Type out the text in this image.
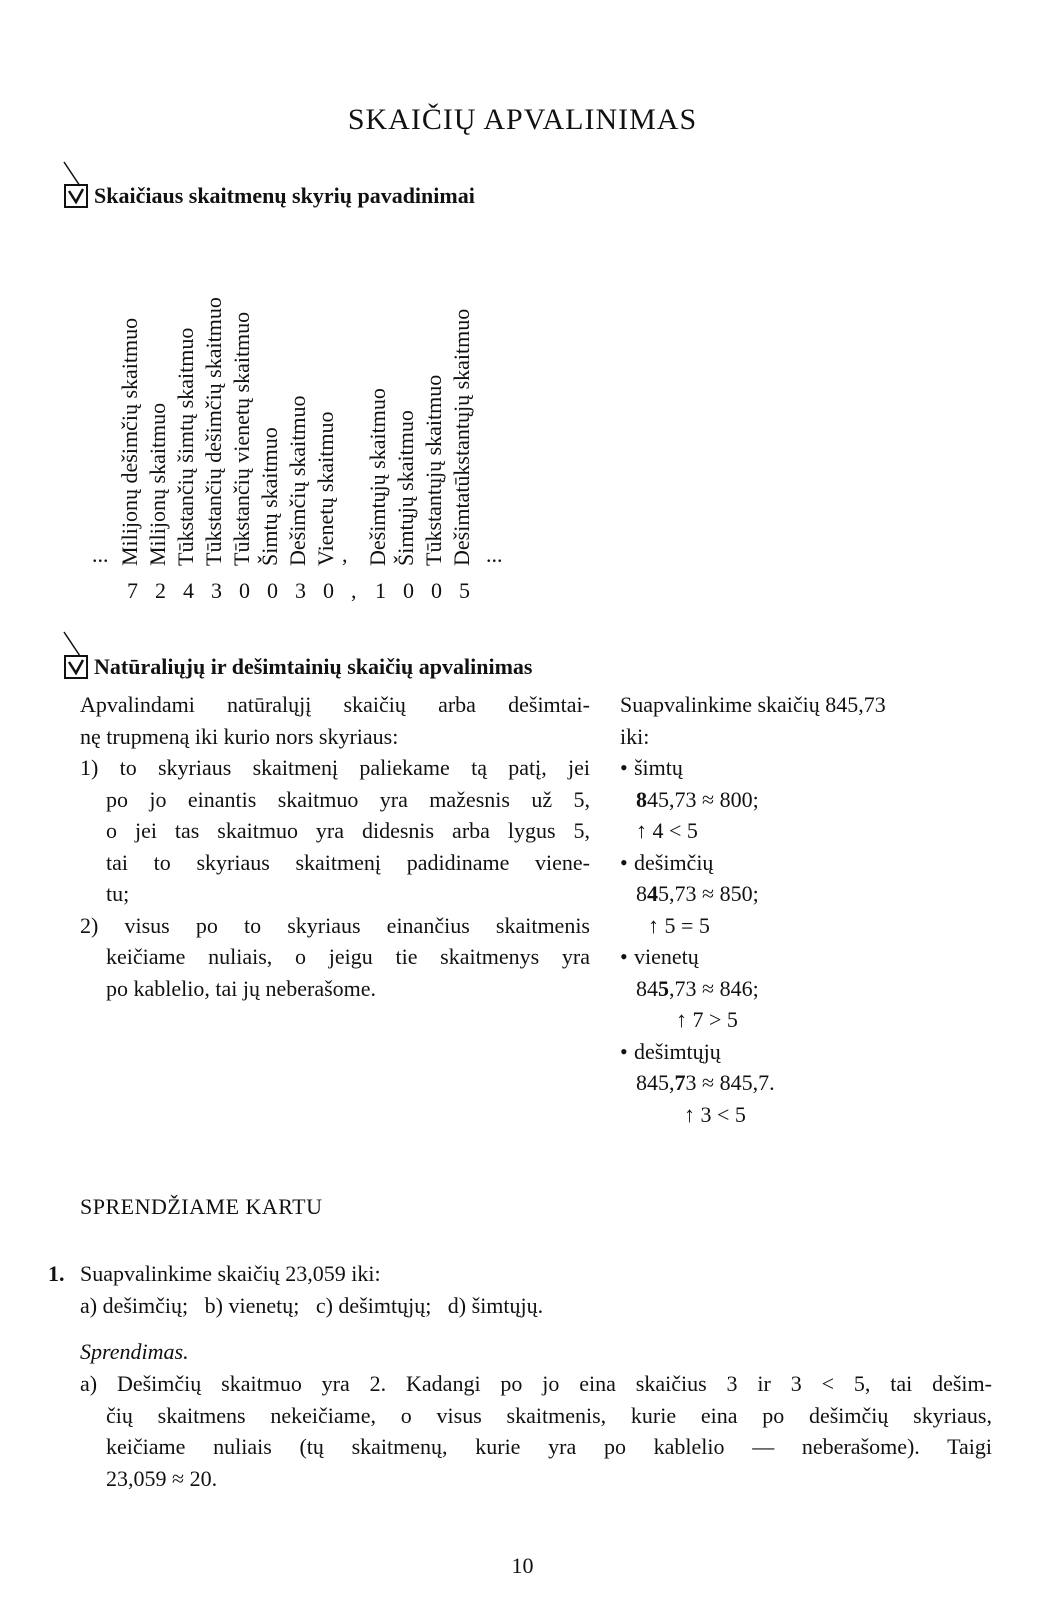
SKAIČIŲ APVALINIMAS
Skaičiaus skaitmenų skyrių pavadinimai
Milijonų dešimčių skaitmuo Milijonų skaitmuo Tūkstančių šimtų skaitmuo Tūkstančių dešimčių skaitmuo Tūkstančių vienetų skaitmuo Šimtų skaitmuo Dešimčių skaitmuo Vienetų skaitmuo Dešimtųjų skaitmuo Šimtųjų skaitmuo Tūkstantųjų skaitmuo Dešimtatūkstantųjų skaitmuo
...	,	...
7 2 4 3 0 0 3 0 , 1 0 0 5
Natūraliųjų ir dešimtainių skaičių apvalinimas
Apvalindami natūralųjį skaičių arba dešimtai-
nę trupmeną iki kurio nors skyriaus:
1) to skyriaus skaitmenį paliekame tą patį, jei
po jo einantis skaitmuo yra mažesnis už 5,
o jei tas skaitmuo yra didesnis arba lygus 5,
tai to skyriaus skaitmenį padidiname viene-
tu;
2) visus po to skyriaus einančius skaitmenis
keičiame nuliais, o jeigu tie skaitmenys yra
po kablelio, tai jų neberašome.
Suapvalinkime skaičių 845,73
iki:
• šimtų
845,73 ≈ 800;
↑ 4 < 5
• dešimčių
845,73 ≈ 850;
↑ 5 = 5
• vienetų
845,73 ≈ 846;
↑ 7 > 5
• dešimtųjų
845,73 ≈ 845,7.
↑ 3 < 5
SPRENDŽIAME KARTU
1. Suapvalinkime skaičių 23,059 iki:
a) dešimčių;   b) vienetų;   c) dešimtųjų;   d) šimtųjų.
Sprendimas.
a) Dešimčių skaitmuo yra 2. Kadangi po jo eina skaičius 3 ir 3 < 5, tai dešim-
čių skaitmens nekeičiame, o visus skaitmenis, kurie eina po dešimčių skyriaus,
keičiame nuliais (tų skaitmenų, kurie yra po kablelio — neberašome). Taigi
23,059 ≈ 20.
10
